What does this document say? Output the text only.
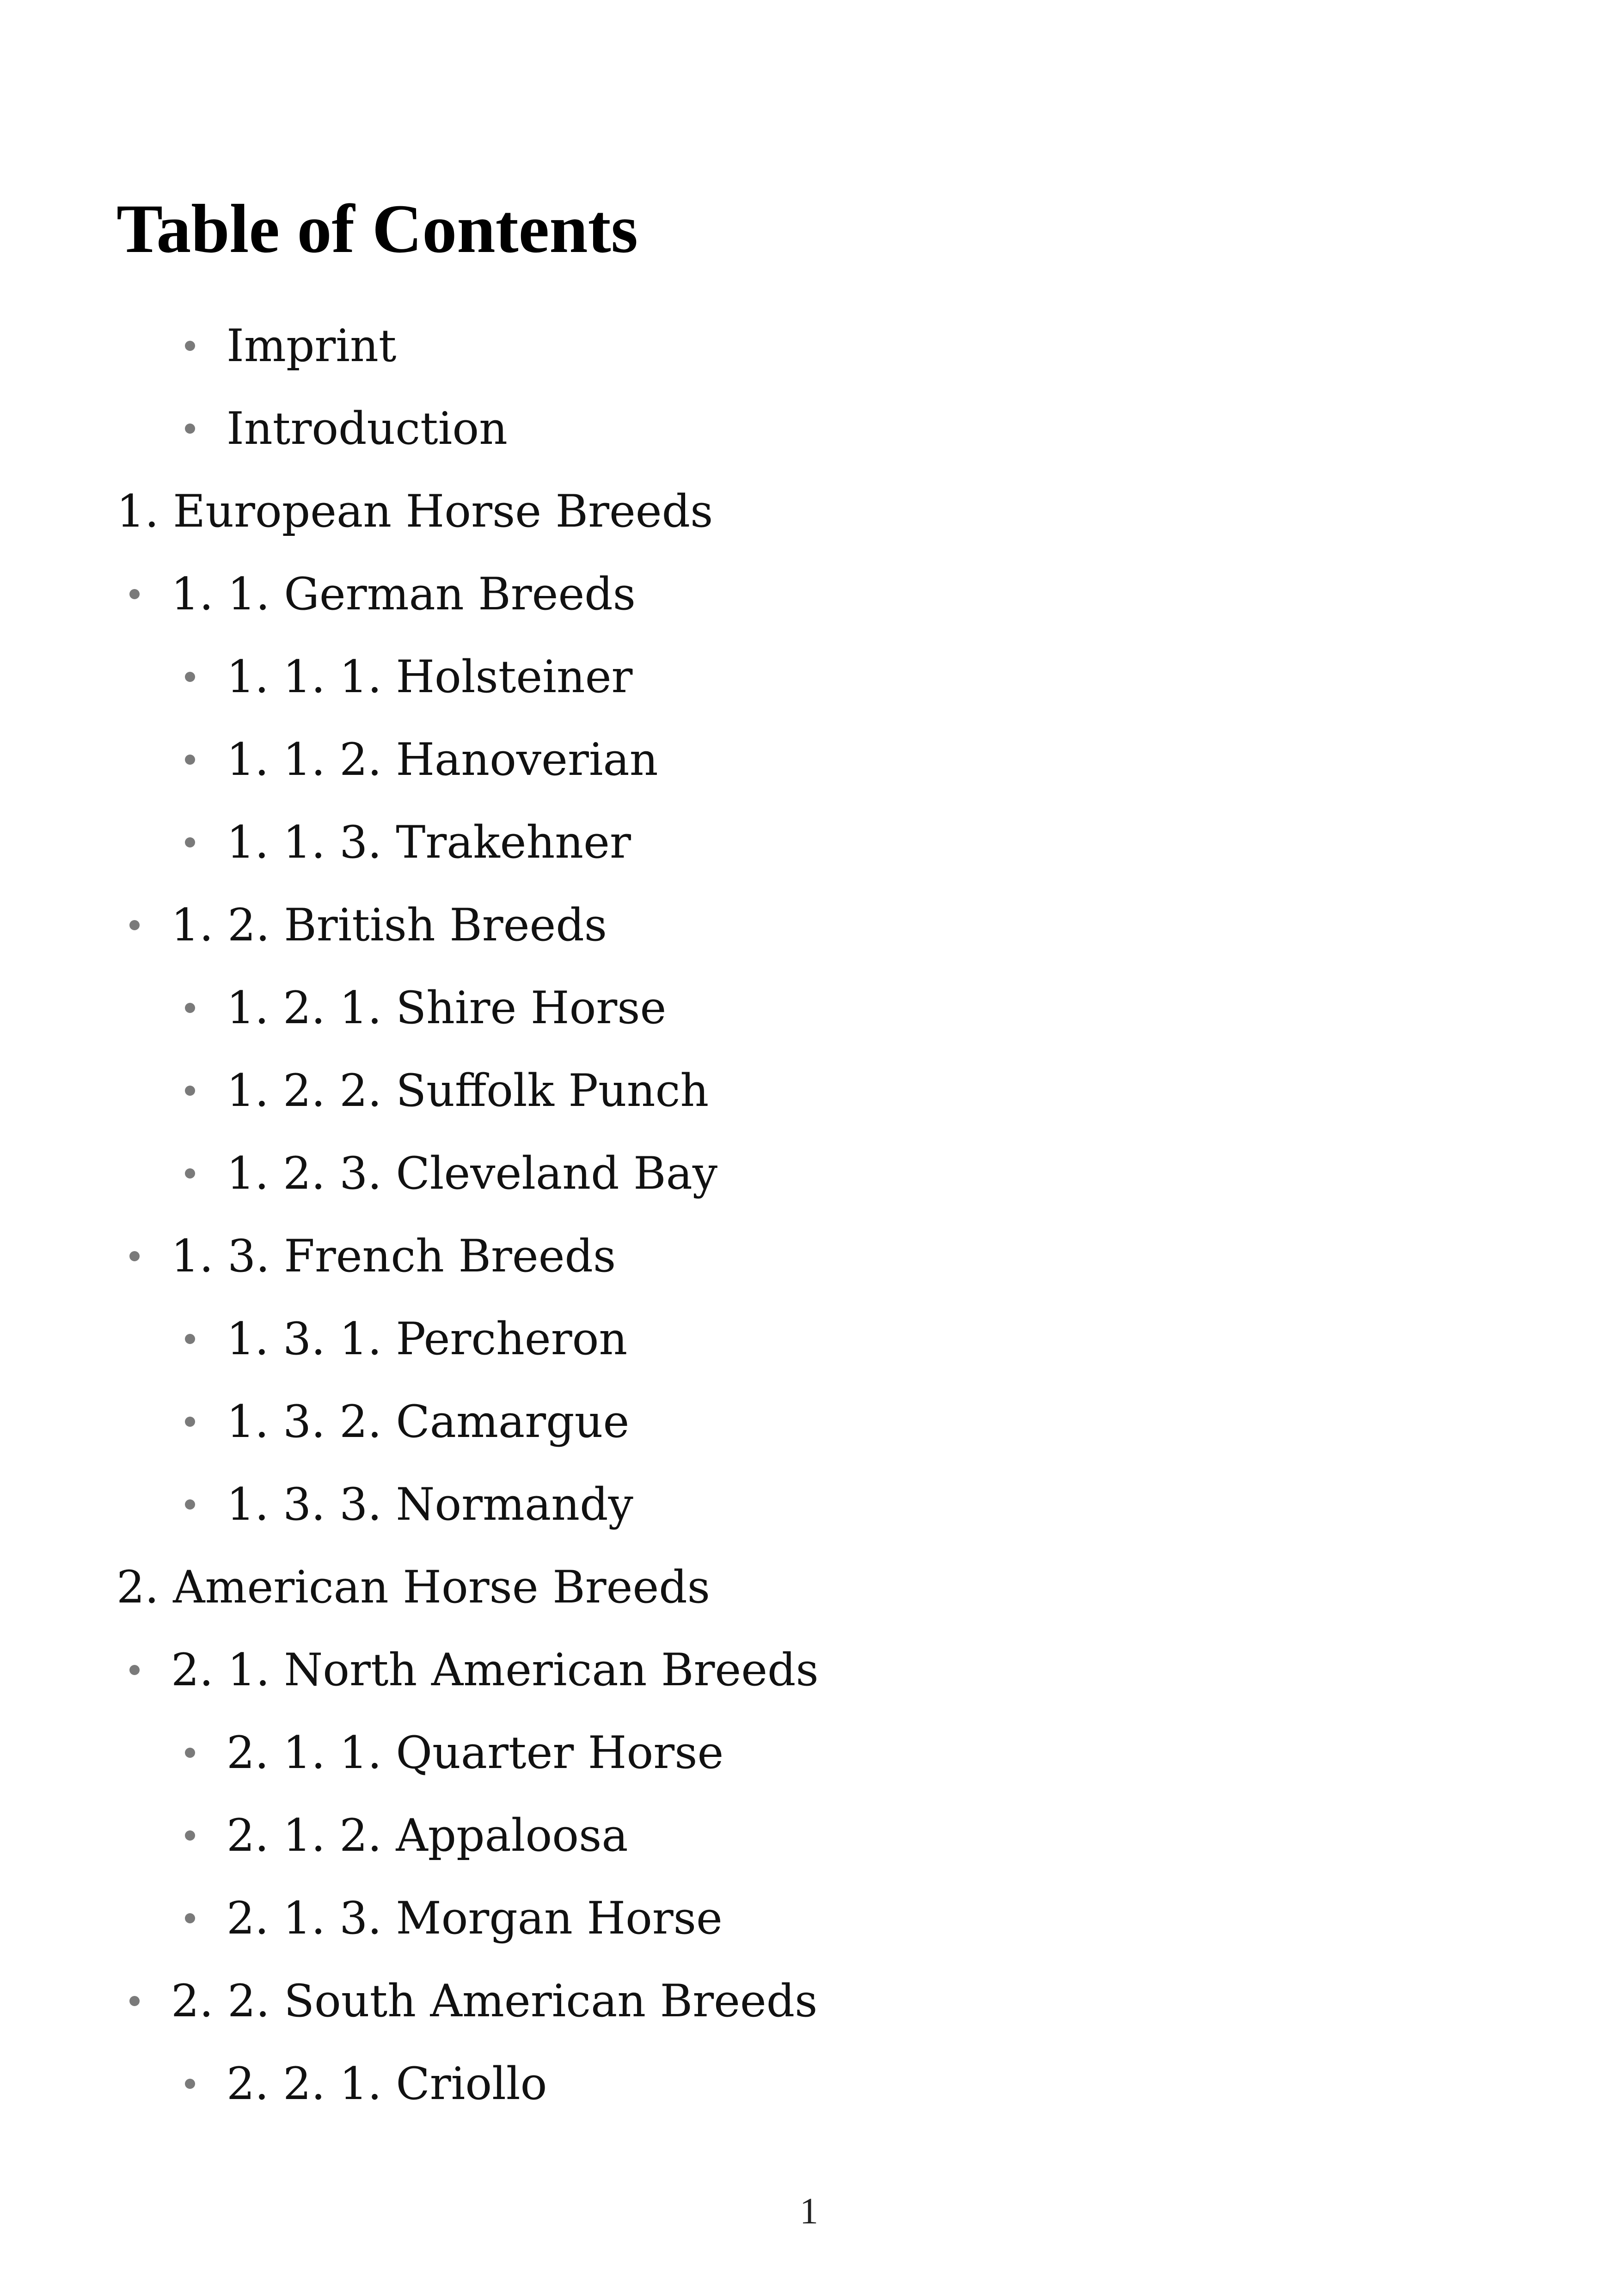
Table of Contents
Imprint
Introduction
1. European Horse Breeds
1. 1. German Breeds
1. 1. 1. Holsteiner
1. 1. 2. Hanoverian
1. 1. 3. Trakehner
1. 2. British Breeds
1. 2. 1. Shire Horse
1. 2. 2. Suffolk Punch
1. 2. 3. Cleveland Bay
1. 3. French Breeds
1. 3. 1. Percheron
1. 3. 2. Camargue
1. 3. 3. Normandy
2. American Horse Breeds
2. 1. North American Breeds
2. 1. 1. Quarter Horse
2. 1. 2. Appaloosa
2. 1. 3. Morgan Horse
2. 2. South American Breeds
2. 2. 1. Criollo
1
